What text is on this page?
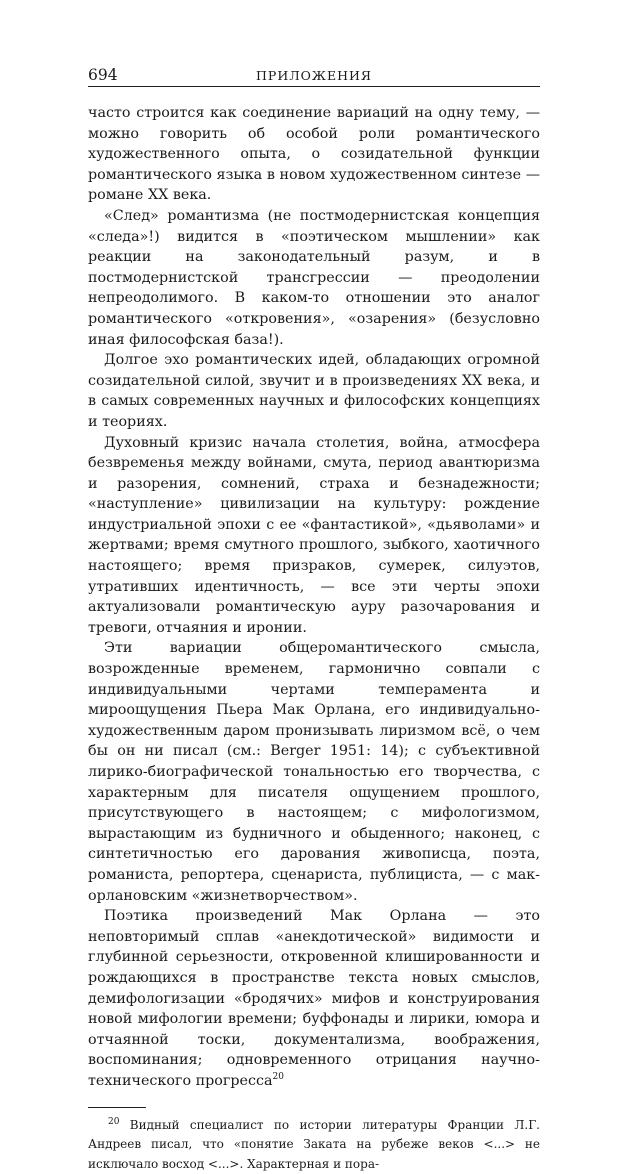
694	ПРИЛОЖЕНИЯ

часто строится как соединение вариаций на одну тему, — можно говорить об особой роли романтического художественного опыта, о созидательной функции романтического языка в новом художественном синтезе — романе XX века.

«След» романтизма (не постмодернистская концепция «следа»!) видится в «поэтическом мышлении» как реакции на законодательный разум, и в постмодернистской трансгрессии — преодолении непреодолимого. В каком-то отношении это аналог романтического «откровения», «озарения» (безусловно иная философская база!).

Долгое эхо романтических идей, обладающих огромной созидательной силой, звучит и в произведениях XX века, и в самых современных научных и философских концепциях и теориях.

Духовный кризис начала столетия, война, атмосфера безвременья между войнами, смута, период авантюризма и разорения, сомнений, страха и безнадежности; «наступление» цивилизации на культуру: рождение индустриальной эпохи с ее «фантастикой», «дьяволами» и жертвами; время смутного прошлого, зыбкого, хаотичного настоящего; время призраков, сумерек, силуэтов, утративших идентичность, — все эти черты эпохи актуализовали романтическую ауру разочарования и тревоги, отчаяния и иронии.

Эти вариации общеромантического смысла, возрожденные временем, гармонично совпали с индивидуальными чертами темперамента и мироощущения Пьера Мак Орлана, его индивидуально-художественным даром пронизывать лиризмом всё, о чем бы он ни писал (см.: Berger 1951: 14); с субъективной лирико-биографической тональностью его творчества, с характерным для писателя ощущением прошлого, присутствующего в настоящем; с мифологизмом, вырастающим из будничного и обыденного; наконец, с синтетичностью его дарования живописца, поэта, романиста, репортера, сценариста, публициста, — с мак-орлановским «жизнетворчеством».

Поэтика произведений Мак Орлана — это неповторимый сплав «анекдотической» видимости и глубинной серьезности, откровенной клишированности и рождающихся в пространстве текста новых смыслов, демифологизации «бродячих» мифов и конструирования новой мифологии времени; буффонады и лирики, юмора и отчаянной тоски, документализма, воображения, воспоминания; одновременного отрицания научно-технического прогресса$^{20}$

$^{20}$ Видный специалист по истории литературы Франции Л.Г. Андреев писал, что «понятие Заката на рубеже веков <...> не исключало восход <...>. Характерная и пора-
